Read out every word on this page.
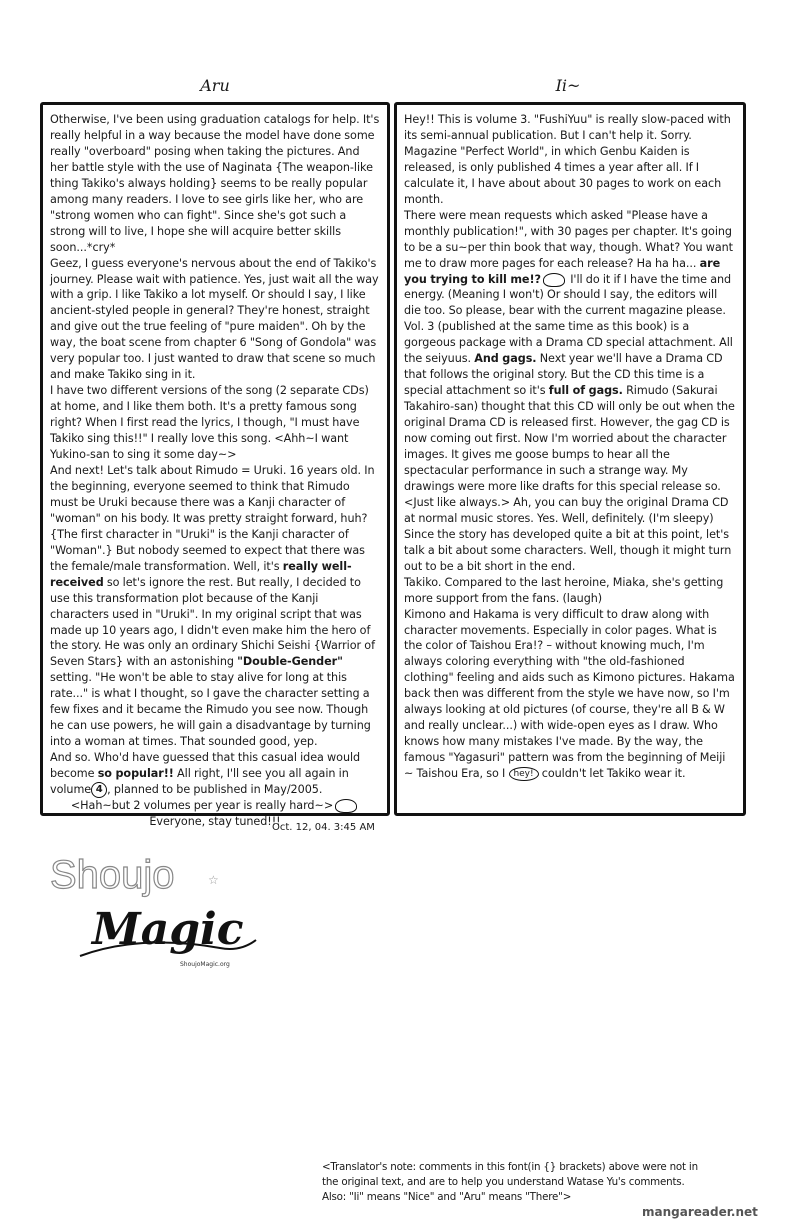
Aru	Ii~

Otherwise, I've been using graduation catalogs for help. It's really helpful in a way because the model have done some really "overboard" posing when taking the pictures. And her battle style with the use of Naginata {The weapon-like thing Takiko's always holding} seems to be really popular among many readers. I love to see girls like her, who are "strong women who can fight". Since she's got such a strong will to live, I hope she will acquire better skills soon...*cry*

Geez, I guess everyone's nervous about the end of Takiko's journey. Please wait with patience. Yes, just wait all the way with a grip. I like Takiko a lot myself. Or should I say, I like ancient-styled people in general? They're honest, straight and give out the true feeling of "pure maiden". Oh by the way, the boat scene from chapter 6 "Song of Gondola" was very popular too. I just wanted to draw that scene so much and make Takiko sing in it.

I have two different versions of the song (2 separate CDs) at home, and I like them both. It's a pretty famous song right? When I first read the lyrics, I though, "I must have Takiko sing this!!" I really love this song. <Ahh~I want Yukino-san to sing it some day~>

And next! Let's talk about Rimudo = Uruki. 16 years old. In the beginning, everyone seemed to think that Rimudo must be Uruki because there was a Kanji character of "woman" on his body. It was pretty straight forward, huh? {The first character in "Uruki" is the Kanji character of "Woman".} But nobody seemed to expect that there was the female/male transformation. Well, it's really well-received so let's ignore the rest. But really, I decided to use this transformation plot because of the Kanji characters used in "Uruki". In my original script that was made up 10 years ago, I didn't even make him the hero of the story. He was only an ordinary Shichi Seishi {Warrior of Seven Stars} with an astonishing "Double-Gender" setting. "He won't be able to stay alive for long at this rate..." is what I thought, so I gave the character setting a few fixes and it became the Rimudo you see now. Though he can use powers, he will gain a disadvantage by turning into a woman at times. That sounded good, yep.

And so. Who'd have guessed that this casual idea would become so popular!! All right, I'll see you all again in volume 4 , planned to be published in May/2005.

<Hah~but 2 volumes per year is really hard~>

Everyone, stay tuned!!!

Hey!! This is volume 3. "FushiYuu" is really slow-paced with its semi-annual publication. But I can't help it. Sorry. Magazine "Perfect World", in which Genbu Kaiden is released, is only published 4 times a year after all. If I calculate it, I have about about 30 pages to work on each month.

There were mean requests which asked "Please have a monthly publication!", with 30 pages per chapter. It's going to be a su~per thin book that way, though. What? You want me to draw more pages for each release? Ha ha ha... are you trying to kill me!?	I'll do it if I have the time and energy. (Meaning I won't) Or should I say, the editors will die too. So please, bear with the current magazine please.

Vol. 3 (published at the same time as this book) is a gorgeous package with a Drama CD special attachment. All the seiyuus. And gags. Next year we'll have a Drama CD that follows the original story. But the CD this time is a special attachment so it's full of gags. Rimudo (Sakurai Takahiro-san) thought that this CD will only be out when the original Drama CD is released first. However, the gag CD is now coming out first. Now I'm worried about the character images. It gives me goose bumps to hear all the spectacular performance in such a strange way. My drawings were more like drafts for this special release so. <Just like always.> Ah, you can buy the original Drama CD at normal music stores. Yes. Well, definitely. (I'm sleepy)

Since the story has developed quite a bit at this point, let's talk a bit about some characters. Well, though it might turn out to be a bit short in the end.

Takiko. Compared to the last heroine, Miaka, she's getting more support from the fans. (laugh)

Kimono and Hakama is very difficult to draw along with character movements. Especially in color pages. What is the color of Taishou Era!? – without knowing much, I'm always coloring everything with "the old-fashioned clothing" feeling and aids such as Kimono pictures. Hakama back then was different from the style we have now, so I'm always looking at old pictures (of course, they're all B & W and really unclear...) with wide-open eyes as I draw. Who knows how many mistakes I've made. By the way, the famous "Yagasuri" pattern was from the beginning of Meiji ~ Taishou Era, so I hey! couldn't let Takiko wear it.

Oct. 12, 04. 3:45 AM
Shoujo	☆
Magic
ShoujoMagic.org
<Translator's note: comments in this font(in {} brackets) above were not in
the original text, and are to help you understand Watase Yu's comments.
Also: "Ii" means "Nice" and "Aru" means "There">
mangareader.net
